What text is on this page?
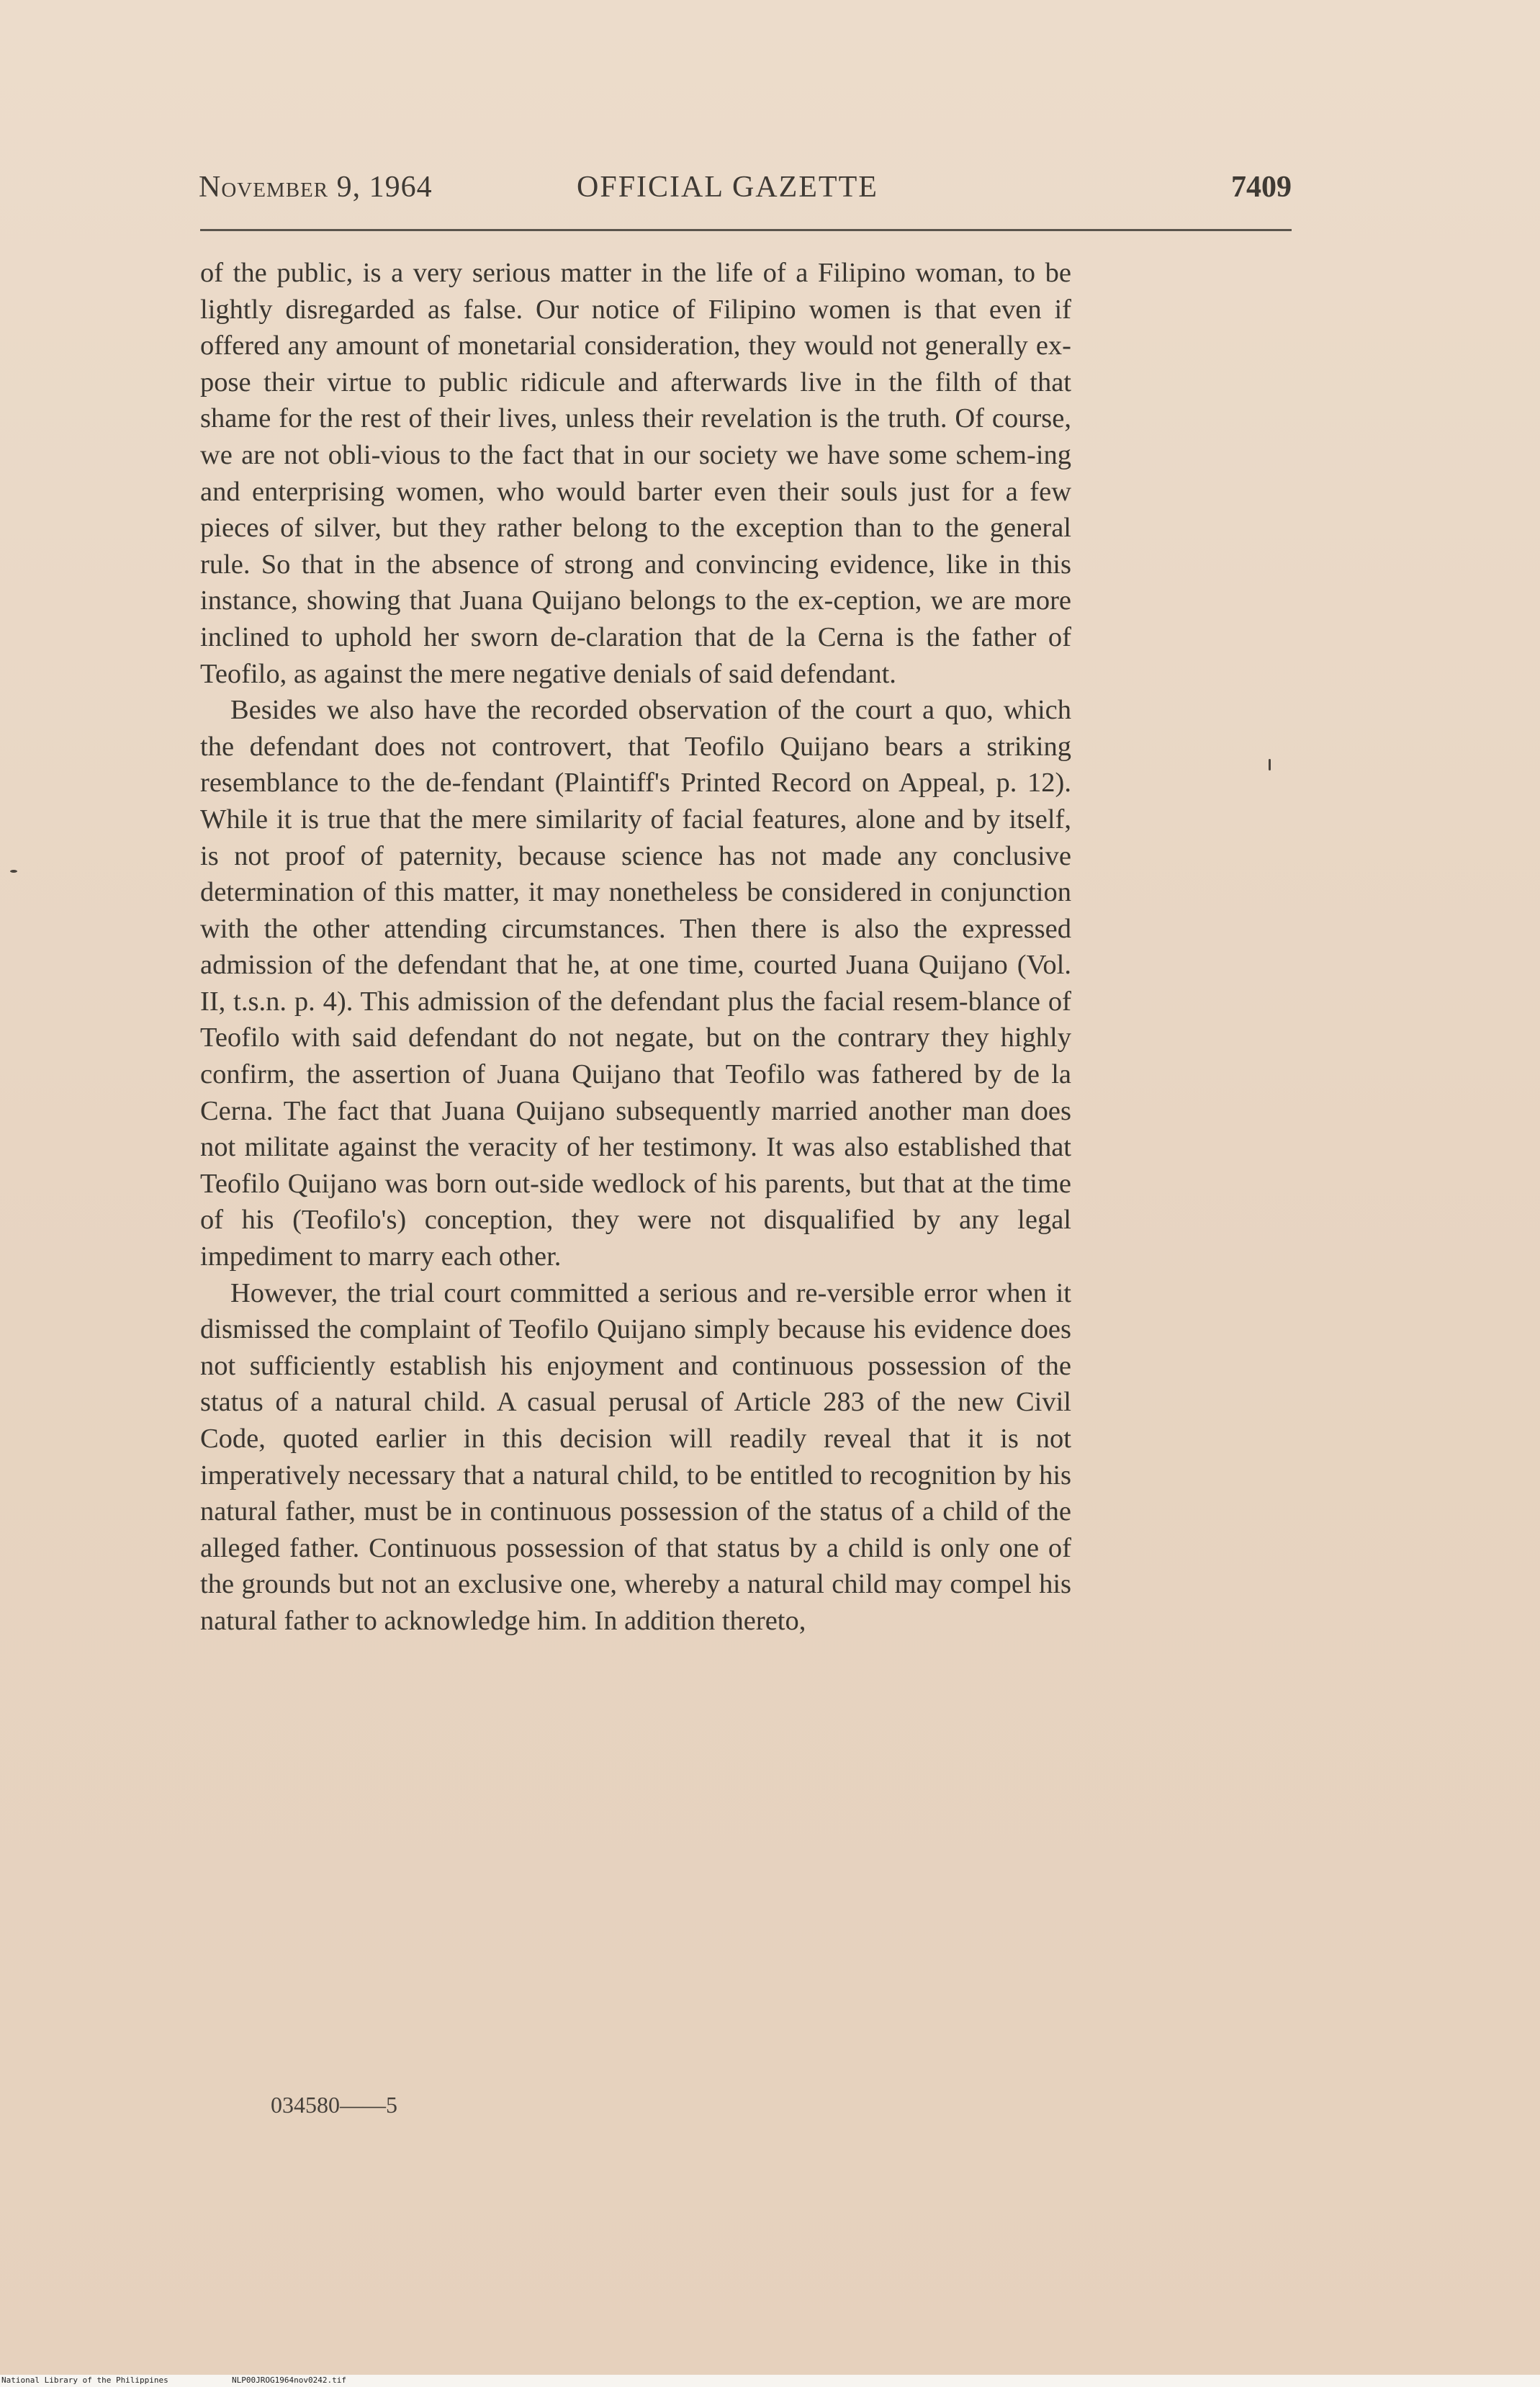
November 9, 1964	OFFICIAL GAZETTE	7409

of the public, is a very serious matter in the life of a Filipino woman, to be lightly disregarded as false. Our notice of Filipino women is that even if offered any amount of monetarial consideration, they would not generally ex-pose their virtue to public ridicule and afterwards live in the filth of that shame for the rest of their lives, unless their revelation is the truth. Of course, we are not obli-vious to the fact that in our society we have some schem-ing and enterprising women, who would barter even their souls just for a few pieces of silver, but they rather belong to the exception than to the general rule. So that in the absence of strong and convincing evidence, like in this instance, showing that Juana Quijano belongs to the ex-ception, we are more inclined to uphold her sworn de-claration that de la Cerna is the father of Teofilo, as against the mere negative denials of said defendant.

Besides we also have the recorded observation of the court a quo, which the defendant does not controvert, that Teofilo Quijano bears a striking resemblance to the de-fendant (Plaintiff's Printed Record on Appeal, p. 12). While it is true that the mere similarity of facial features, alone and by itself, is not proof of paternity, because science has not made any conclusive determination of this matter, it may nonetheless be considered in conjunction with the other attending circumstances. Then there is also the expressed admission of the defendant that he, at one time, courted Juana Quijano (Vol. II, t.s.n. p. 4). This admission of the defendant plus the facial resem-blance of Teofilo with said defendant do not negate, but on the contrary they highly confirm, the assertion of Juana Quijano that Teofilo was fathered by de la Cerna. The fact that Juana Quijano subsequently married another man does not militate against the veracity of her testimony. It was also established that Teofilo Quijano was born out-side wedlock of his parents, but that at the time of his (Teofilo's) conception, they were not disqualified by any legal impediment to marry each other.

However, the trial court committed a serious and re-versible error when it dismissed the complaint of Teofilo Quijano simply because his evidence does not sufficiently establish his enjoyment and continuous possession of the status of a natural child. A casual perusal of Article 283 of the new Civil Code, quoted earlier in this decision will readily reveal that it is not imperatively necessary that a natural child, to be entitled to recognition by his natural father, must be in continuous possession of the status of a child of the alleged father. Continuous possession of that status by a child is only one of the grounds but not an exclusive one, whereby a natural child may compel his natural father to acknowledge him. In addition thereto,

034580——5
National Library of the Philippines	NLP00JROG1964nov0242.tif
